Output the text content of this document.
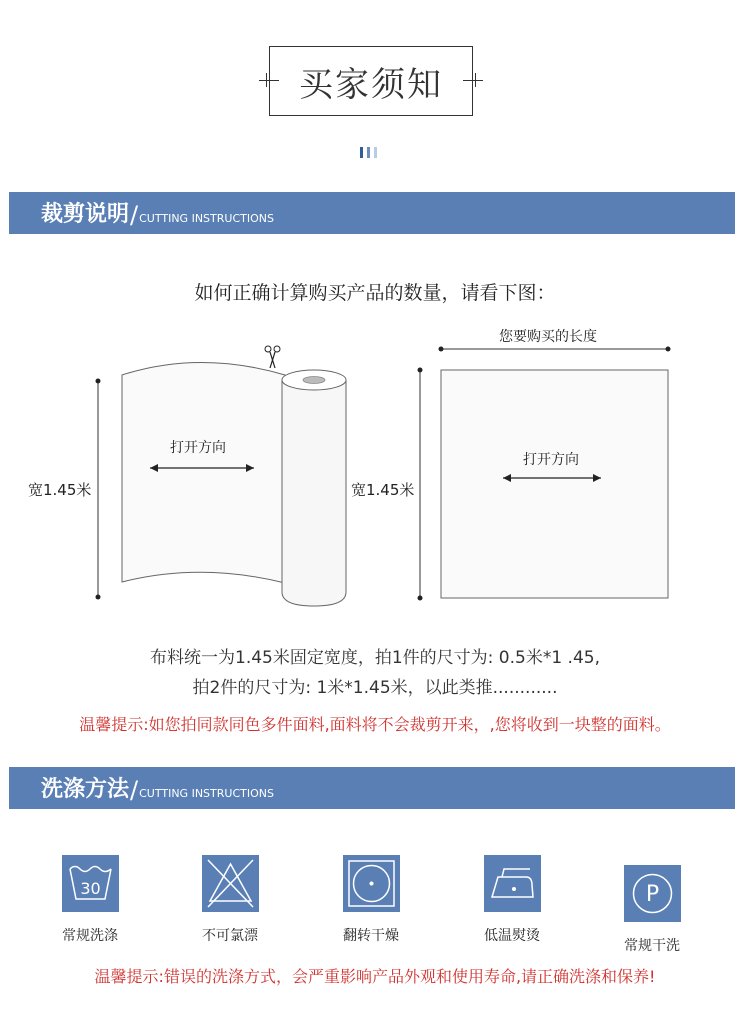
买家须知
裁剪说明 / CUTTING INSTRUCTIONS
如何正确计算购买产品的数量，请看下图：
宽1.45米
打开方向
您要购买的长度
宽1.45米
打开方向
布料统一为1.45米固定宽度，拍1件的尺寸为: 0.5米*1 .45,
拍2件的尺寸为: 1米*1.45米，以此类推............
温馨提示:如您拍同款同色多件面料,面料将不会裁剪开来，,您将收到一块整的面料。
洗涤方法 / CUTTING INSTRUCTIONS
30
常规洗涤	不可氯漂	翻转干燥	低温熨烫
P
常规干洗
温馨提示:错误的洗涤方式，会严重影响产品外观和使用寿命,请正确洗涤和保养!
